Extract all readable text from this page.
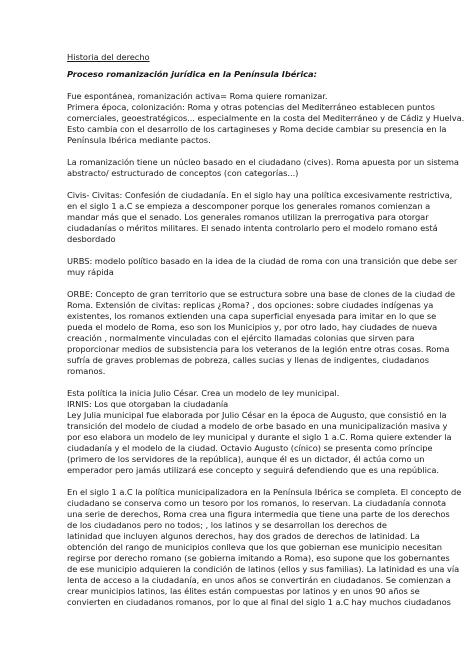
Historia del derecho
Proceso romanización jurídica en la Península Ibérica:
Fue espontánea, romanización activa= Roma quiere romanizar.
Primera época, colonización: Roma y otras potencias del Mediterráneo establecen puntos
comerciales, geoestratégicos... especialmente en la costa del Mediterráneo y de Cádiz y Huelva.
Esto cambia con el desarrollo de los cartagineses y Roma decide cambiar su presencia en la
Península Ibérica mediante pactos.
La romanización tiene un núcleo basado en el ciudadano (cives). Roma apuesta por un sistema
abstracto/ estructurado de conceptos (con categorías...)
Civis- Civitas: Confesión de ciudadanía. En el siglo hay una política excesivamente restrictiva,
en el siglo 1 a.C se empieza a descomponer porque los generales romanos comienzan a
mandar más que el senado. Los generales romanos utilizan la prerrogativa para otorgar
ciudadanías o méritos militares. El senado intenta controlarlo pero el modelo romano está
desbordado
URBS: modelo político basado en la idea de la ciudad de roma con una transición que debe ser
muy rápida
ORBE: Concepto de gran territorio que se estructura sobre una base de clones de la ciudad de
Roma. Extensión de civitas: replicas ¿Roma? , dos opciones: sobre ciudades indígenas ya
existentes, los romanos extienden una capa superficial enyesada para imitar en lo que se
pueda el modelo de Roma, eso son los Municipios y, por otro lado, hay ciudades de nueva
creación , normalmente vinculadas con el ejército llamadas colonias que sirven para
proporcionar medios de subsistencia para los veteranos de la legión entre otras cosas. Roma
sufría de graves problemas de pobreza, calles sucias y llenas de indigentes, ciudadanos
romanos.
Esta política la inicia Julio César. Crea un modelo de ley municipal.
IRNIS: Los que otorgaban la ciudadanía
Ley Julia municipal fue elaborada por Julio César en la época de Augusto, que consistió en la
transición del modelo de ciudad a modelo de orbe basado en una municipalización masiva y
por eso elabora un modelo de ley municipal y durante el siglo 1 a.C. Roma quiere extender la
ciudadanía y el modelo de la ciudad. Octavio Augusto (cínico) se presenta como príncipe
(primero de los servidores de la república), aunque él es un dictador, él actúa como un
emperador pero jamás utilizará ese concepto y seguirá defendiendo que es una república.
En el siglo 1 a.C la política municipalizadora en la Península Ibérica se completa. El concepto de
ciudadano se conserva como un tesoro por los romanos, lo reservan. La ciudadanía connota
una serie de derechos, Roma crea una figura intermedia que tiene una parte de los derechos
de los ciudadanos pero no todos; , los latinos y se desarrollan los derechos de
latinidad que incluyen algunos derechos, hay dos grados de derechos de latinidad. La
obtención del rango de municipios conlleva que los que gobiernan ese municipio necesitan
regirse por derecho romano (se gobierna imitando a Roma), eso supone que los gobernantes
de ese municipio adquieren la condición de latinos (ellos y sus familias). La latinidad es una vía
lenta de acceso a la ciudadanía, en unos años se convertirán en ciudadanos. Se comienzan a
crear municipios latinos, las élites están compuestas por latinos y en unos 90 años se
convierten en ciudadanos romanos, por lo que al final del siglo 1 a.C hay muchos ciudadanos
